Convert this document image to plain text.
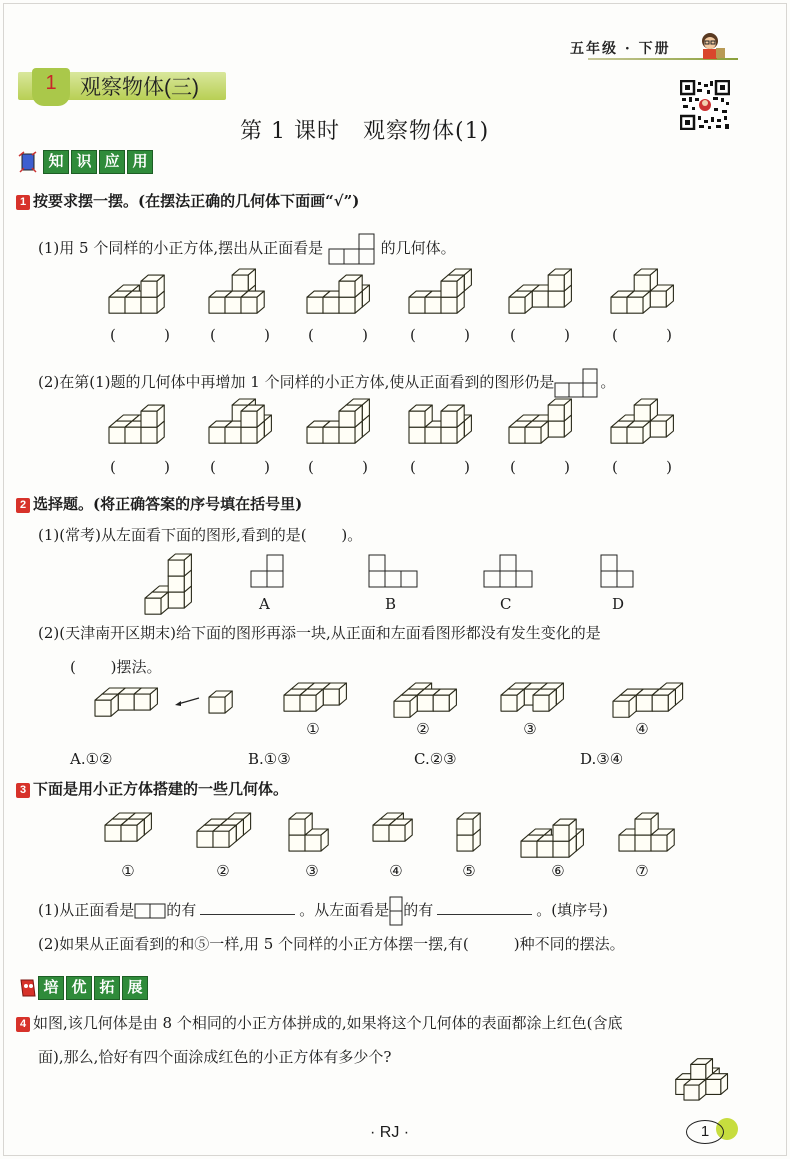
五年级 · 下册
1	观察物体(三)
第 1 课时　观察物体(1)
知 识 应 用
1 按要求摆一摆。(在摆法正确的几何体下面画“√”)
(1)用 5 个同样的小正方体,摆出从正面看是	的几何体。
(2)在第(1)题的几何体中再增加 1 个同样的小正方体,使从正面看到的图形仍是	。
2 选择题。(将正确答案的序号填在括号里)
(1)(常考)从左面看下面的图形,看到的是(　　 )。
(2)(天津南开区期末)给下面的图形再添一块,从正面和左面看图形都没有发生变化的是
(　　 )摆法。
3 下面是用小正方体搭建的一些几何体。
(1)从正面看是 的有	。从左面看是 的有	。(填序号)
(2)如果从正面看到的和⑤一样,用 5 个同样的小正方体摆一摆,有(　　　)种不同的摆法。
培 优 拓 展
4 如图,该几何体是由 8 个相同的小正方体拼成的,如果将这个几何体的表面都涂上红色(含底
面),那么,恰好有四个面涂成红色的小正方体有多少个?
· RJ ·	1
(	)	(	)	(	)	(	)	(	)	(	)
(	)	(	)	(	)	(	)	(	)	(	)
A	B	C	D
①	②	③	④
A.①②	B.①③	C.②③	D.③④
①	②	③	④	⑤	⑥	⑦
